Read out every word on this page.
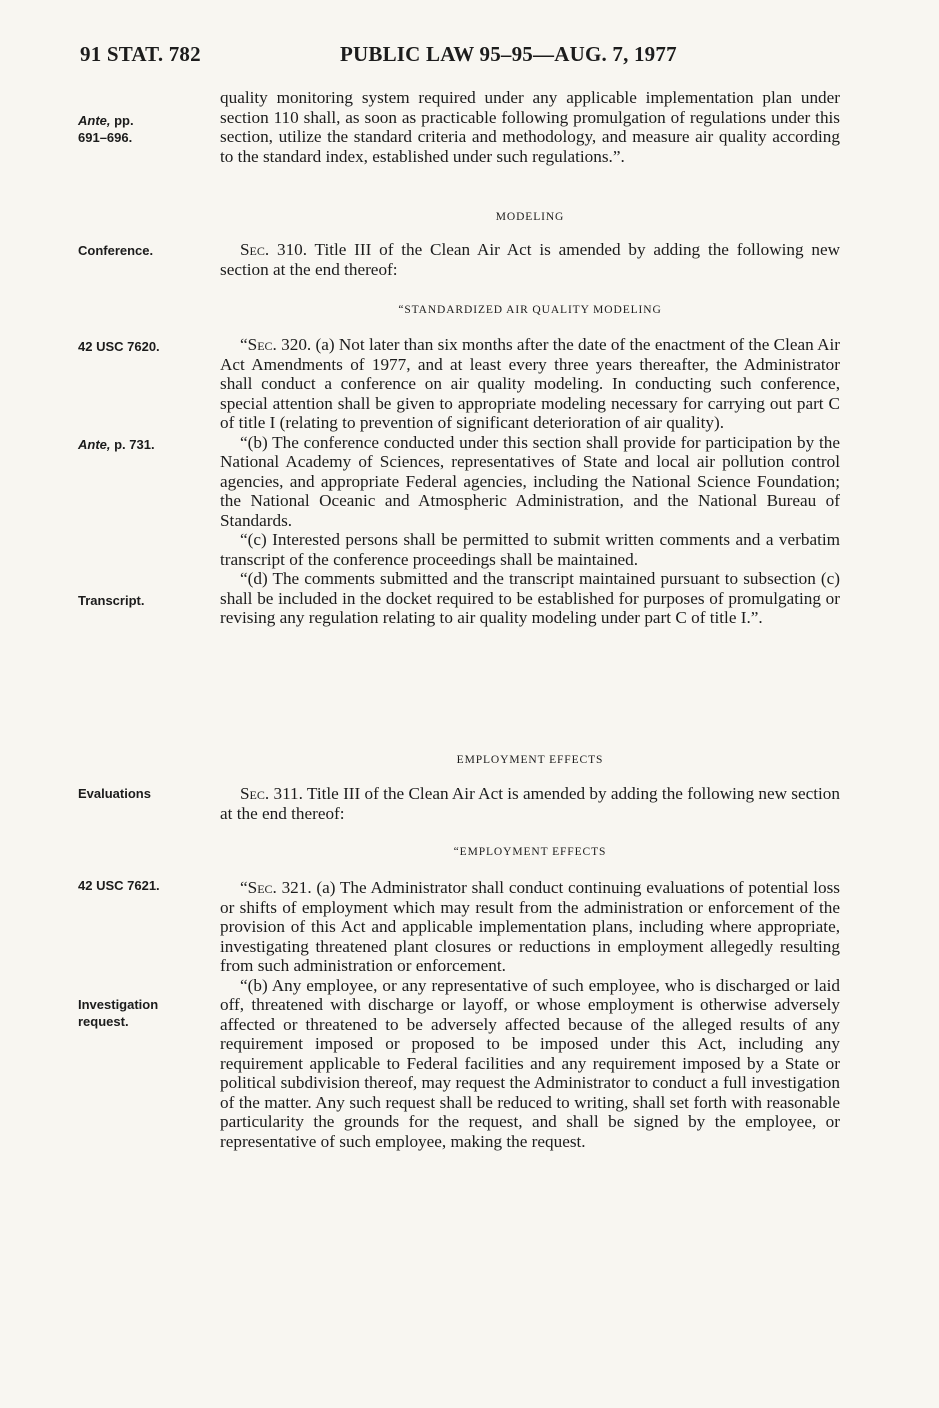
91 STAT. 782	PUBLIC LAW 95–95—AUG. 7, 1977
Ante, pp.
691–696.
Conference.
42 USC 7620.
Ante, p. 731.
Transcript.
Evaluations
42 USC 7621.
Investigation
request.

quality monitoring system required under any applicable implementation plan under section 110 shall, as soon as practicable following promulgation of regulations under this section, utilize the standard criteria and methodology, and measure air quality according to the standard index, established under such regulations.”.

MODELING

Sec. 310. Title III of the Clean Air Act is amended by adding the following new section at the end thereof:

“STANDARDIZED AIR QUALITY MODELING

“Sec. 320. (a) Not later than six months after the date of the enactment of the Clean Air Act Amendments of 1977, and at least every three years thereafter, the Administrator shall conduct a conference on air quality modeling. In conducting such conference, special attention shall be given to appropriate modeling necessary for carrying out part C of title I (relating to prevention of significant deterioration of air quality).

“(b) The conference conducted under this section shall provide for participation by the National Academy of Sciences, representatives of State and local air pollution control agencies, and appropriate Federal agencies, including the National Science Foundation; the National Oceanic and Atmospheric Administration, and the National Bureau of Standards.

“(c) Interested persons shall be permitted to submit written comments and a verbatim transcript of the conference proceedings shall be maintained.

“(d) The comments submitted and the transcript maintained pursuant to subsection (c) shall be included in the docket required to be established for purposes of promulgating or revising any regulation relating to air quality modeling under part C of title I.”.

EMPLOYMENT EFFECTS

Sec. 311. Title III of the Clean Air Act is amended by adding the following new section at the end thereof:

“EMPLOYMENT EFFECTS

“Sec. 321. (a) The Administrator shall conduct continuing evaluations of potential loss or shifts of employment which may result from the administration or enforcement of the provision of this Act and applicable implementation plans, including where appropriate, investigating threatened plant closures or reductions in employment allegedly resulting from such administration or enforcement.

“(b) Any employee, or any representative of such employee, who is discharged or laid off, threatened with discharge or layoff, or whose employment is otherwise adversely affected or threatened to be adversely affected because of the alleged results of any requirement imposed or proposed to be imposed under this Act, including any requirement applicable to Federal facilities and any requirement imposed by a State or political subdivision thereof, may request the Administrator to conduct a full investigation of the matter. Any such request shall be reduced to writing, shall set forth with reasonable particularity the grounds for the request, and shall be signed by the employee, or representative of such employee, making the request.
